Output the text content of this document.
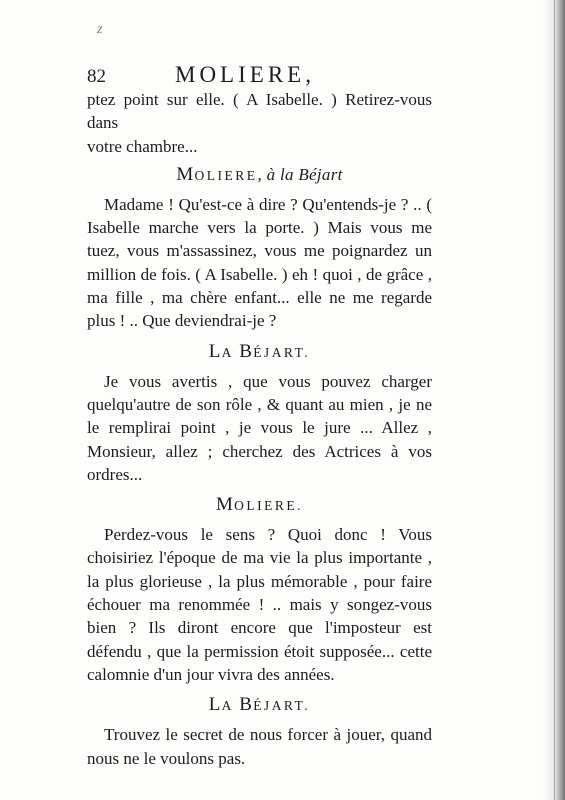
z
82	MOLIERE,

ptez point sur elle. ( A Isabelle. ) Retirez-vous dans

votre chambre...

MOLIERE, à la Béjart

Madame ! Qu'est-ce à dire ? Qu'entends-je ? .. ( Isabelle marche vers la porte. ) Mais vous me tuez, vous m'assassinez, vous me poignardez un million de fois. ( A Isabelle. ) eh ! quoi , de grâce , ma fille , ma chère enfant... elle ne me regarde plus ! .. Que deviendrai-je ?

LA BÉJART.

Je vous avertis , que vous pouvez charger quelqu'autre de son rôle , & quant au mien , je ne le remplirai point , je vous le jure ... Allez , Monsieur, allez ; cherchez des Actrices à vos ordres...

MOLIERE.

Perdez-vous le sens ? Quoi donc ! Vous choisiriez l'époque de ma vie la plus importante , la plus glorieuse , la plus mémorable , pour faire échouer ma renommée ! .. mais y songez-vous bien ? Ils diront encore que l'imposteur est défendu , que la permission étoit supposée... cette calomnie d'un jour vivra des années.

LA BÉJART.

Trouvez le secret de nous forcer à jouer, quand nous ne le voulons pas.
